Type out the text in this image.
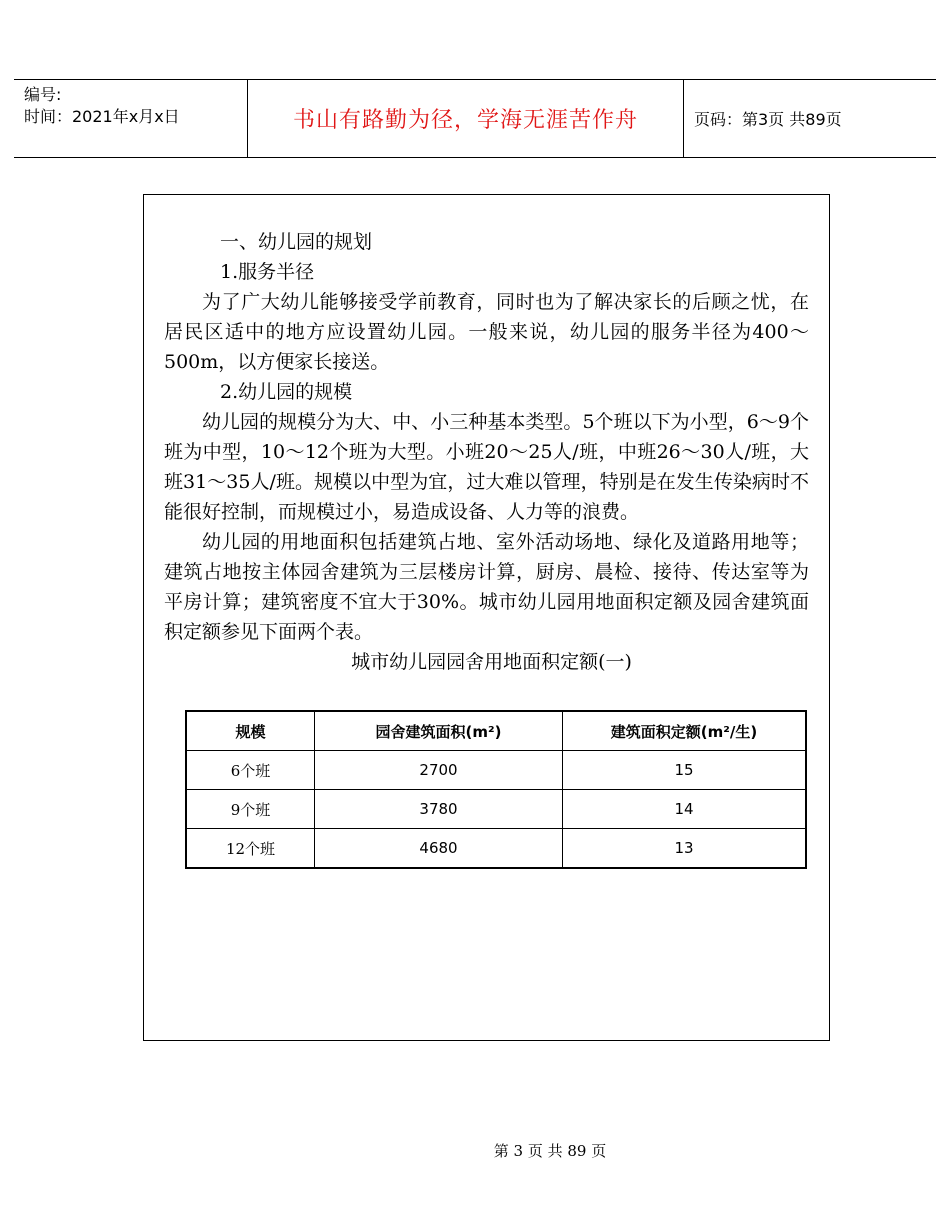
编号:
时间：2021年x月x日	书山有路勤为径，学海无涯苦作舟	页码：第3页 共89页

一、幼儿园的规划

1.服务半径

为了广大幼儿能够接受学前教育，同时也为了解决家长的后顾之忧，在居民区适中的地方应设置幼儿园。一般来说，幼儿园的服务半径为400～500m，以方便家长接送。

2.幼儿园的规模

幼儿园的规模分为大、中、小三种基本类型。5个班以下为小型，6～9个班为中型，10～12个班为大型。小班20～25人/班，中班26～30人/班，大班31～35人/班。规模以中型为宜，过大难以管理，特别是在发生传染病时不能很好控制，而规模过小，易造成设备、人力等的浪费。

幼儿园的用地面积包括建筑占地、室外活动场地、绿化及道路用地等；建筑占地按主体园舍建筑为三层楼房计算，厨房、晨检、接待、传达室等为平房计算；建筑密度不宜大于30%。城市幼儿园用地面积定额及园舍建筑面积定额参见下面两个表。

城市幼儿园园舍用地面积定额(一)

规模	园舍建筑面积(m²)	建筑面积定额(m²/生)
6个班	2700	15
9个班	3780	14
12个班	4680	13
第 3 页 共 89 页
